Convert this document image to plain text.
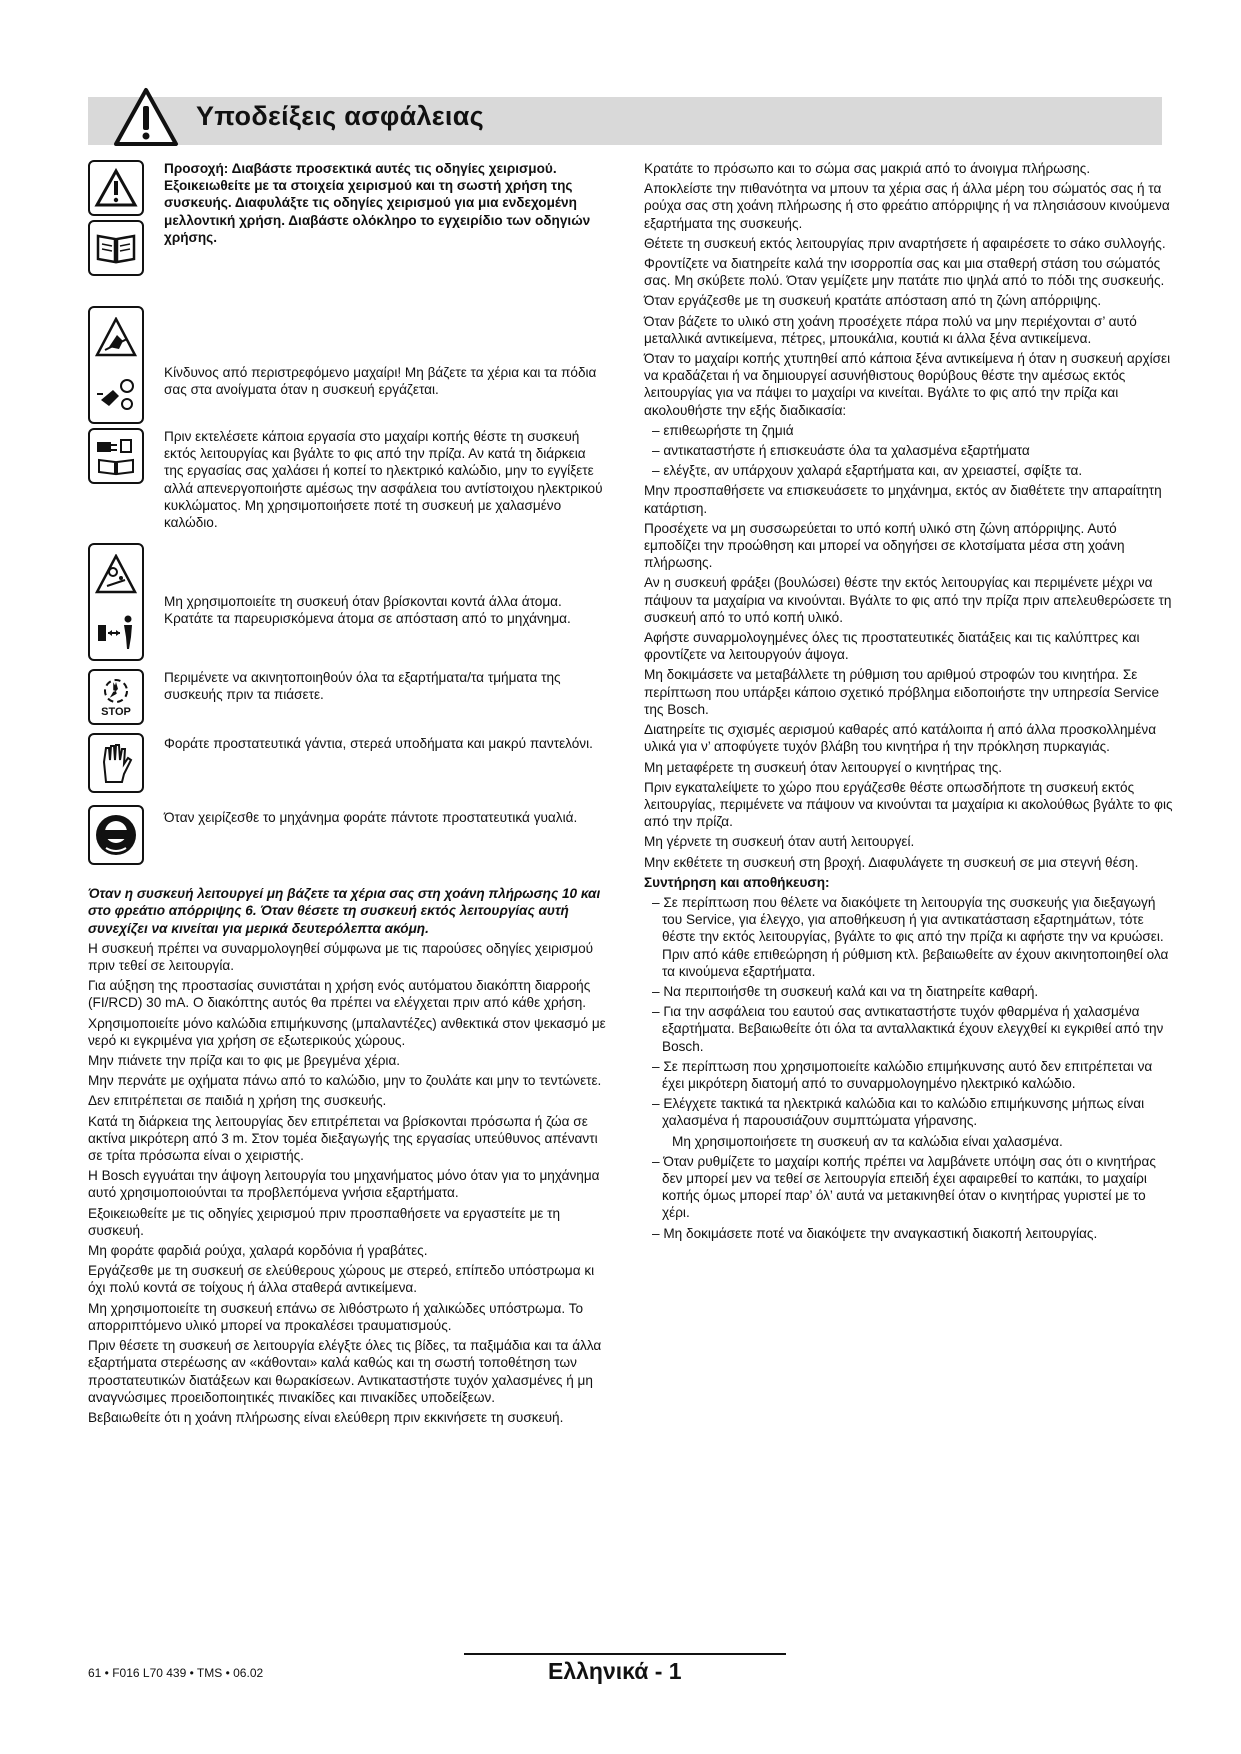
Υποδείξεις ασφάλειας
Προσοχή: Διαβάστε προσεκτικά αυτές τις οδηγίες χειρισμού. Εξοικειωθείτε με τα στοιχεία χειρισμού και τη σωστή χρήση της συσκευής. Διαφυλάξτε τις οδηγίες χειρισμού για μια ενδεχομένη μελλοντική χρήση. Διαβάστε ολόκληρο το εγχειρίδιο των οδηγιών χρήσης.
Κίνδυνος από περιστρεφόμενο μαχαίρι! Μη βάζετε τα χέρια και τα πόδια σας στα ανοίγματα όταν η συσκευή εργάζεται.
Πριν εκτελέσετε κάποια εργασία στο μαχαίρι κοπής θέστε τη συσκευή εκτός λειτουργίας και βγάλτε το φις από την πρίζα. Αν κατά τη διάρκεια της εργασίας σας χαλάσει ή κοπεί το ηλεκτρικό καλώδιο, μην το εγγίξετε αλλά απενεργοποιήστε αμέσως την ασφάλεια του αντίστοιχου ηλεκτρικού κυκλώματος. Μη χρησιμοποιήσετε ποτέ τη συσκευή με χαλασμένο καλώδιο.
Μη χρησιμοποιείτε τη συσκευή όταν βρίσκονται κοντά άλλα άτομα. Κρατάτε τα παρευρισκόμενα άτομα σε απόσταση από το μηχάνημα.
STOP
Περιμένετε να ακινητοποιηθούν όλα τα εξαρτήματα/τα τμήματα της συσκευής πριν τα πιάσετε.
Φοράτε προστατευτικά γάντια, στερεά υποδήματα και μακρύ παντελόνι.
Όταν χειρίζεσθε το μηχάνημα φοράτε πάντοτε προστατευτικά γυαλιά.

Όταν η συσκευή λειτουργεί μη βάζετε τα χέρια σας στη χοάνη πλήρωσης 10 και στο φρεάτιο απόρριψης 6. Όταν θέσετε τη συσκευή εκτός λειτουργίας αυτή συνεχίζει να κινείται για μερικά δευτερόλεπτα ακόμη.

Η συσκευή πρέπει να συναρμολογηθεί σύμφωνα με τις παρούσες οδηγίες χειρισμού πριν τεθεί σε λειτουργία.

Για αύξηση της προστασίας συνιστάται η χρήση ενός αυτόματου διακόπτη διαρροής (FI/RCD) 30 mA. Ο διακόπτης αυτός θα πρέπει να ελέγχεται πριν από κάθε χρήση.

Χρησιμοποιείτε μόνο καλώδια επιμήκυνσης (μπαλαντέζες) ανθεκτικά στον ψεκασμό με νερό κι εγκριμένα για χρήση σε εξωτερικούς χώρους.

Μην πιάνετε την πρίζα και το φις με βρεγμένα χέρια.

Μην περνάτε με οχήματα πάνω από το καλώδιο, μην το ζουλάτε και μην το τεντώνετε.

Δεν επιτρέπεται σε παιδιά η χρήση της συσκευής.

Κατά τη διάρκεια της λειτουργίας δεν επιτρέπεται να βρίσκονται πρόσωπα ή ζώα σε ακτίνα μικρότερη από 3 m. Στον τομέα διεξαγωγής της εργασίας υπεύθυνος απέναντι σε τρίτα πρόσωπα είναι ο χειριστής.

Η Bosch εγγυάται την άψογη λειτουργία του μηχανήματος μόνο όταν για το μηχάνημα αυτό χρησιμοποιούνται τα προβλεπόμενα γνήσια εξαρτήματα.

Εξοικειωθείτε με τις οδηγίες χειρισμού πριν προσπαθήσετε να εργαστείτε με τη συσκευή.

Μη φοράτε φαρδιά ρούχα, χαλαρά κορδόνια ή γραβάτες.

Εργάζεσθε με τη συσκευή σε ελεύθερους χώρους με στερεό, επίπεδο υπόστρωμα κι όχι πολύ κοντά σε τοίχους ή άλλα σταθερά αντικείμενα.

Μη χρησιμοποιείτε τη συσκευή επάνω σε λιθόστρωτο ή χαλικώδες υπόστρωμα. Το απορριπτόμενο υλικό μπορεί να προκαλέσει τραυματισμούς.

Πριν θέσετε τη συσκευή σε λειτουργία ελέγξτε όλες τις βίδες, τα παξιμάδια και τα άλλα εξαρτήματα στερέωσης αν «κάθονται» καλά καθώς και τη σωστή τοποθέτηση των προστατευτικών διατάξεων και θωρακίσεων. Αντικαταστήστε τυχόν χαλασμένες ή μη αναγνώσιμες προειδοποιητικές πινακίδες και πινακίδες υποδείξεων.

Βεβαιωθείτε ότι η χοάνη πλήρωσης είναι ελεύθερη πριν εκκινήσετε τη συσκευή.

Κρατάτε το πρόσωπο και το σώμα σας μακριά από το άνοιγμα πλήρωσης.

Αποκλείστε την πιθανότητα να μπουν τα χέρια σας ή άλλα μέρη του σώματός σας ή τα ρούχα σας στη χοάνη πλήρωσης ή στο φρεάτιο απόρριψης ή να πλησιάσουν κινούμενα εξαρτήματα της συσκευής.

Θέτετε τη συσκευή εκτός λειτουργίας πριν αναρτήσετε ή αφαιρέσετε το σάκο συλλογής.

Φροντίζετε να διατηρείτε καλά την ισορροπία σας και μια σταθερή στάση του σώματός σας. Μη σκύβετε πολύ. Όταν γεμίζετε μην πατάτε πιο ψηλά από το πόδι της συσκευής.

Όταν εργάζεσθε με τη συσκευή κρατάτε απόσταση από τη ζώνη απόρριψης.

Όταν βάζετε το υλικό στη χοάνη προσέχετε πάρα πολύ να μην περιέχονται σ’ αυτό μεταλλικά αντικείμενα, πέτρες, μπουκάλια, κουτιά κι άλλα ξένα αντικείμενα.

Όταν το μαχαίρι κοπής χτυπηθεί από κάποια ξένα αντικείμενα ή όταν η συσκευή αρχίσει να κραδάζεται ή να δημιουργεί ασυνήθιστους θορύβους θέστε την αμέσως εκτός λειτουργίας για να πάψει το μαχαίρι να κινείται. Βγάλτε το φις από την πρίζα και ακολουθήστε την εξής διαδικασία:

– επιθεωρήστε τη ζημιά

– αντικαταστήστε ή επισκευάστε όλα τα χαλασμένα εξαρτήματα

– ελέγξτε, αν υπάρχουν χαλαρά εξαρτήματα και, αν χρειαστεί, σφίξτε τα.

Μην προσπαθήσετε να επισκευάσετε το μηχάνημα, εκτός αν διαθέτετε την απαραίτητη κατάρτιση.

Προσέχετε να μη συσσωρεύεται το υπό κοπή υλικό στη ζώνη απόρριψης. Αυτό εμποδίζει την προώθηση και μπορεί να οδηγήσει σε κλοτσίματα μέσα στη χοάνη πλήρωσης.

Αν η συσκευή φράξει (βουλώσει) θέστε την εκτός λειτουργίας και περιμένετε μέχρι να πάψουν τα μαχαίρια να κινούνται. Βγάλτε το φις από την πρίζα πριν απελευθερώσετε τη συσκευή από το υπό κοπή υλικό.

Αφήστε συναρμολογημένες όλες τις προστατευτικές διατάξεις και τις καλύπτρες και φροντίζετε να λειτουργούν άψογα.

Μη δοκιμάσετε να μεταβάλλετε τη ρύθμιση του αριθμού στροφών του κινητήρα. Σε περίπτωση που υπάρξει κάποιο σχετικό πρόβλημα ειδοποιήστε την υπηρεσία Service της Bosch.

Διατηρείτε τις σχισμές αερισμού καθαρές από κατάλοιπα ή από άλλα προσκολλημένα υλικά για ν’ αποφύγετε τυχόν βλάβη του κινητήρα ή την πρόκληση πυρκαγιάς.

Μη μεταφέρετε τη συσκευή όταν λειτουργεί ο κινητήρας της.

Πριν εγκαταλείψετε το χώρο που εργάζεσθε θέστε οπωσδήποτε τη συσκευή εκτός λειτουργίας, περιμένετε να πάψουν να κινούνται τα μαχαίρια κι ακολούθως βγάλτε το φις από την πρίζα.

Μη γέρνετε τη συσκευή όταν αυτή λειτουργεί.

Μην εκθέτετε τη συσκευή στη βροχή. Διαφυλάγετε τη συσκευή σε μια στεγνή θέση.

Συντήρηση και αποθήκευση:

– Σε περίπτωση που θέλετε να διακόψετε τη λειτουργία της συσκευής για διεξαγωγή του Service, για έλεγχο, για αποθήκευση ή για αντικατάσταση εξαρτημάτων, τότε θέστε την εκτός λειτουργίας, βγάλτε το φις από την πρίζα κι αφήστε την να κρυώσει. Πριν από κάθε επιθεώρηση ή ρύθμιση κτλ. βεβαιωθείτε αν έχουν ακινητοποιηθεί ολα τα κινούμενα εξαρτήματα.

– Να περιποιήσθε τη συσκευή καλά και να τη διατηρείτε καθαρή.

– Για την ασφάλεια του εαυτού σας αντικαταστήστε τυχόν φθαρμένα ή χαλασμένα εξαρτήματα. Βεβαιωθείτε ότι όλα τα ανταλλακτικά έχουν ελεγχθεί κι εγκριθεί από την Bosch.

– Σε περίπτωση που χρησιμοποιείτε καλώδιο επιμήκυνσης αυτό δεν επιτρέπεται να έχει μικρότερη διατομή από το συναρμολογημένο ηλεκτρικό καλώδιο.

– Ελέγχετε τακτικά τα ηλεκτρικά καλώδια και το καλώδιο επιμήκυνσης μήπως είναι χαλασμένα ή παρουσιάζουν συμπτώματα γήρανσης.

Μη χρησιμοποιήσετε τη συσκευή αν τα καλώδια είναι χαλασμένα.

– Όταν ρυθμίζετε το μαχαίρι κοπής πρέπει να λαμβάνετε υπόψη σας ότι ο κινητήρας δεν μπορεί μεν να τεθεί σε λειτουργία επειδή έχει αφαιρεθεί το καπάκι, το μαχαίρι κοπής όμως μπορεί παρ’ όλ’ αυτά να μετακινηθεί όταν ο κινητήρας γυριστεί με το χέρι.

– Μη δοκιμάσετε ποτέ να διακόψετε την αναγκαστική διακοπή λειτουργίας.

61 • F016 L70 439 • TMS • 06.02	Ελληνικά - 1
